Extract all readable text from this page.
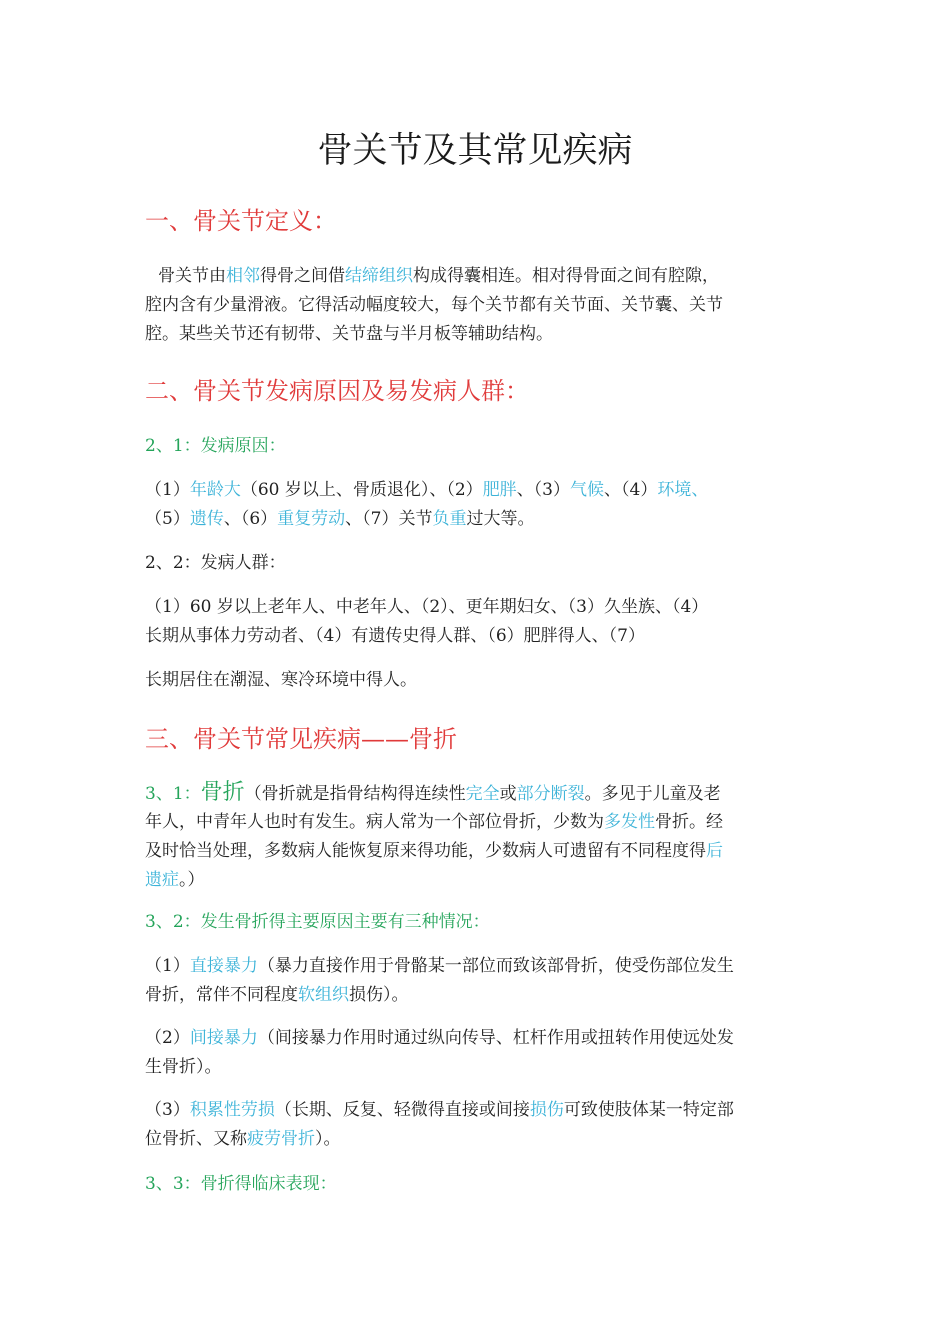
骨关节及其常见疾病
一、骨关节定义：

骨关节由相邻得骨之间借结缔组织构成得囊相连。相对得骨面之间有腔隙，

腔内含有少量滑液。它得活动幅度较大，每个关节都有关节面、关节囊、关节

腔。某些关节还有韧带、关节盘与半月板等辅助结构。

二、骨关节发病原因及易发病人群：

2、1：发病原因：

（1）年龄大（60 岁以上、骨质退化）、（2）肥胖、（3）气候、（4）环境、

（5）遗传、（6）重复劳动、（7）关节负重过大等。

2、2：发病人群：

（1）60 岁以上老年人、中老年人、（2）、更年期妇女、（3）久坐族、（4）

长期从事体力劳动者、（4）有遗传史得人群、（6）肥胖得人、（7）

长期居住在潮湿、寒冷环境中得人。

三、骨关节常见疾病——骨折

3、1：骨折（骨折就是指骨结构得连续性完全或部分断裂。多见于儿童及老

年人，中青年人也时有发生。病人常为一个部位骨折，少数为多发性骨折。经

及时恰当处理，多数病人能恢复原来得功能，少数病人可遗留有不同程度得后

遗症。）

3、2：发生骨折得主要原因主要有三种情况：

（1）直接暴力（暴力直接作用于骨骼某一部位而致该部骨折，使受伤部位发生

骨折，常伴不同程度软组织损伤）。

（2）间接暴力（间接暴力作用时通过纵向传导、杠杆作用或扭转作用使远处发

生骨折）。

（3）积累性劳损（长期、反复、轻微得直接或间接损伤可致使肢体某一特定部

位骨折、又称疲劳骨折）。

3、3：骨折得临床表现：
